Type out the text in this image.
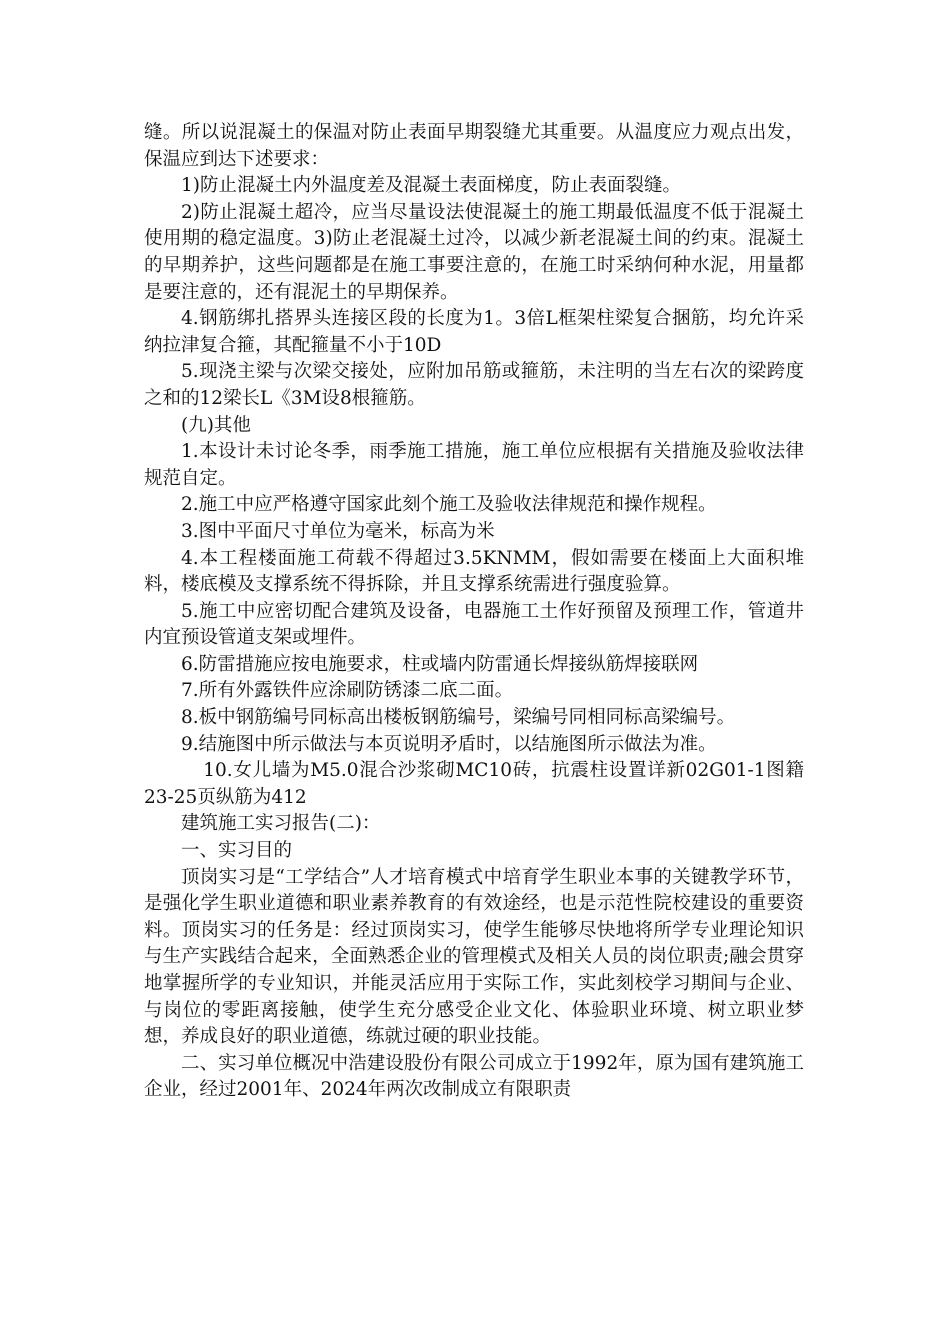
缝。所以说混凝土的保温对防止表面早期裂缝尤其重要。从温度应力观点出发，保温应到达下述要求：

1)防止混凝土内外温度差及混凝土表面梯度，防止表面裂缝。

2)防止混凝土超冷，应当尽量设法使混凝土的施工期最低温度不低于混凝土使用期的稳定温度。3)防止老混凝土过冷，以减少新老混凝土间的约束。混凝土的早期养护，这些问题都是在施工事要注意的，在施工时采纳何种水泥，用量都是要注意的，还有混泥土的早期保养。

4.钢筋绑扎搭界头连接区段的长度为1。3倍L框架柱梁复合捆筋，均允许采纳拉津复合箍，其配箍量不小于10D

5.现浇主梁与次梁交接处，应附加吊筋或箍筋，未注明的当左右次的梁跨度之和的12梁长L《3M设8根箍筋。

(九)其他

1.本设计未讨论冬季，雨季施工措施，施工单位应根据有关措施及验收法律规范自定。

2.施工中应严格遵守国家此刻个施工及验收法律规范和操作规程。

3.图中平面尺寸单位为毫米，标高为米

4.本工程楼面施工荷载不得超过3.5KNMM，假如需要在楼面上大面积堆料，楼底模及支撑系统不得拆除，并且支撑系统需进行强度验算。

5.施工中应密切配合建筑及设备，电器施工土作好预留及预理工作，管道井内宜预设管道支架或埋件。

6.防雷措施应按电施要求，柱或墙内防雷通长焊接纵筋焊接联网

7.所有外露铁件应涂刷防锈漆二底二面。

8.板中钢筋编号同标高出楼板钢筋编号，梁编号同相同标高梁编号。

9.结施图中所示做法与本页说明矛盾时，以结施图所示做法为准。

10.女儿墙为M5.0混合沙浆砌MC10砖，抗震柱设置详新02G01-1图籍23-25页纵筋为412

建筑施工实习报告(二)：

一、实习目的

顶岗实习是“工学结合”人才培育模式中培育学生职业本事的关键教学环节，是强化学生职业道德和职业素养教育的有效途经，也是示范性院校建设的重要资料。顶岗实习的任务是：经过顶岗实习，使学生能够尽快地将所学专业理论知识与生产实践结合起来，全面熟悉企业的管理模式及相关人员的岗位职责;融会贯穿地掌握所学的专业知识，并能灵活应用于实际工作，实此刻校学习期间与企业、与岗位的零距离接触，使学生充分感受企业文化、体验职业环境、树立职业梦想，养成良好的职业道德，练就过硬的职业技能。

二、实习单位概况中浩建设股份有限公司成立于1992年，原为国有建筑施工企业，经过2001年、2024年两次改制成立有限职责
